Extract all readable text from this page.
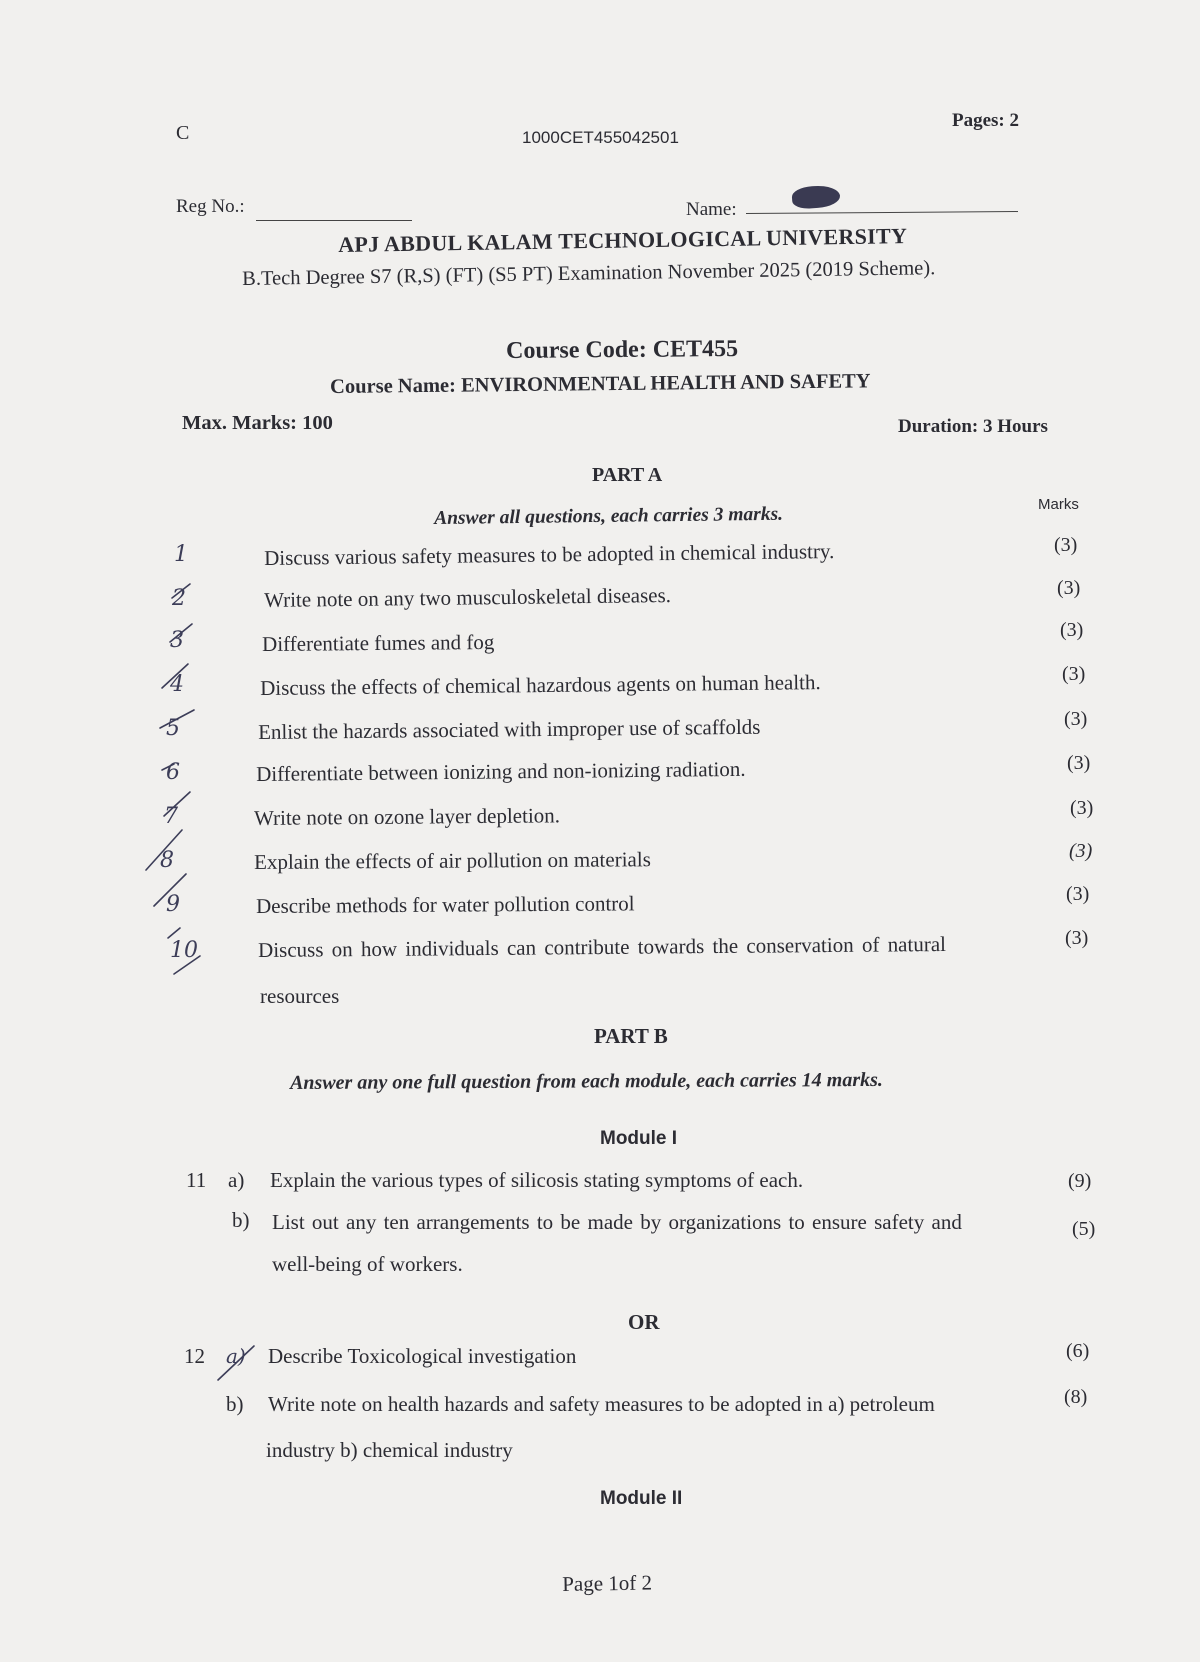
C	1000CET455042501
Pages: 2
Reg No.:	Name:
APJ ABDUL KALAM TECHNOLOGICAL UNIVERSITY
B.Tech Degree S7 (R,S) (FT) (S5 PT) Examination November 2025 (2019 Scheme).
Course Code: CET455
Course Name: ENVIRONMENTAL HEALTH AND SAFETY
Max. Marks: 100	Duration: 3 Hours
PART A
Answer all questions, each carries 3 marks.	Marks
1	Discuss various safety measures to be adopted in chemical industry.	(3)
2	Write note on any two musculoskeletal diseases.	(3)
3	Differentiate fumes and fog	(3)
4	Discuss the effects of chemical hazardous agents on human health.	(3)
5	Enlist the hazards associated with improper use of scaffolds	(3)
6	Differentiate between ionizing and non-ionizing radiation.	(3)
7	Write note on ozone layer depletion.	(3)
8	Explain the effects of air pollution on materials	(3)
9	Describe methods for water pollution control	(3)
10	Discuss on how individuals can contribute towards the conservation of natural
resources
(3)
PART B
Answer any one full question from each module, each carries 14 marks.
Module I
11 a) Explain the various types of silicosis stating symptoms of each.	(9)
b) List out any ten arrangements to be made by organizations to ensure safety and
well-being of workers.
(5)
OR
12 a) Describe Toxicological investigation	(6)
b) Write note on health hazards and safety measures to be adopted in a) petroleum
industry b) chemical industry
(8)
Module II
Page 1of 2
